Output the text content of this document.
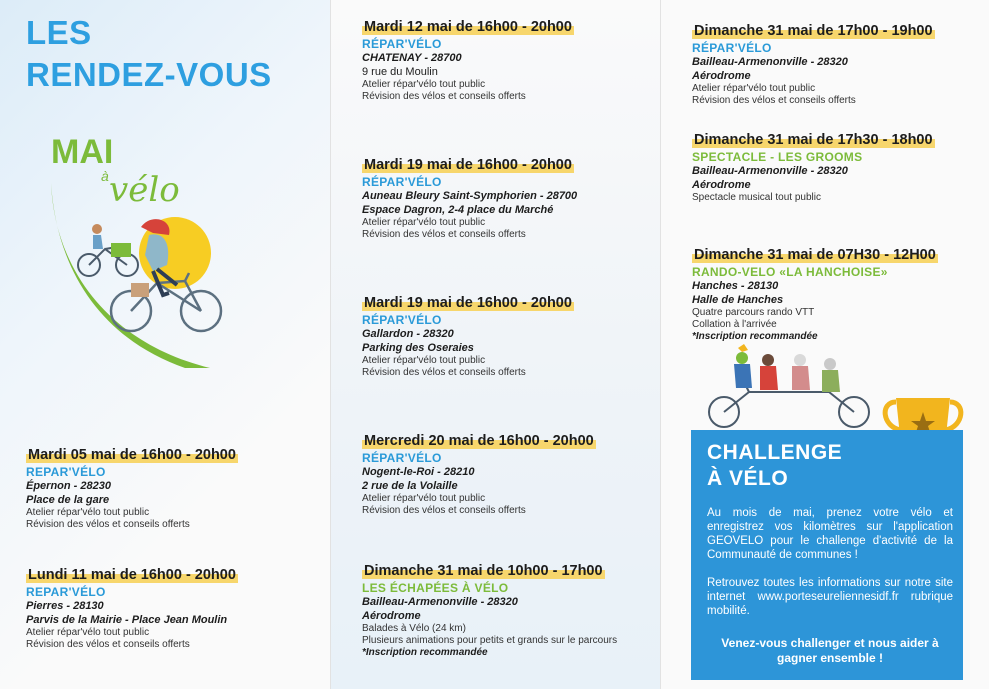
LES
RENDEZ-VOUS
MAI
à vélo
Mardi 12 mai de 16h00 - 20h00
RÉPAR'VÉLO
CHATENAY - 28700
9 rue du Moulin
Atelier répar'vélo tout public
Révision des vélos et conseils offerts
Mardi 19 mai de 16h00 - 20h00
RÉPAR'VÉLO
Auneau Bleury Saint-Symphorien - 28700
Espace Dagron, 2-4 place du Marché
Atelier répar'vélo tout public
Révision des vélos et conseils offerts
Mardi 19 mai de 16h00 - 20h00
RÉPAR'VÉLO
Gallardon - 28320
Parking des Oseraies
Atelier répar'vélo tout public
Révision des vélos et conseils offerts
Mercredi 20 mai de 16h00 - 20h00
RÉPAR'VÉLO
Nogent-le-Roi - 28210
2 rue de la Volaille
Atelier répar'vélo tout public
Révision des vélos et conseils offerts
Dimanche 31 mai de 10h00 - 17h00
LES ÉCHAPÉES À VÉLO
Bailleau-Armenonville - 28320
Aérodrome
Balades à Vélo (24 km)
Plusieurs animations pour petits et grands sur le parcours
*Inscription recommandée
Mardi 05 mai de 16h00 - 20h00
REPAR'VÉLO
Épernon - 28230
Place de la gare
Atelier répar'vélo tout public
Révision des vélos et conseils offerts
Lundi 11 mai de 16h00 - 20h00
REPAR'VÉLO
Pierres - 28130
Parvis de la Mairie - Place Jean Moulin
Atelier répar'vélo tout public
Révision des vélos et conseils offerts
Dimanche 31 mai de 17h00 - 19h00
RÉPAR'VÉLO
Bailleau-Armenonville - 28320
Aérodrome
Atelier répar'vélo tout public
Révision des vélos et conseils offerts
Dimanche 31 mai de 17h30 - 18h00
SPECTACLE - LES GROOMS
Bailleau-Armenonville - 28320
Aérodrome
Spectacle musical tout public
Dimanche 31 mai de 07H30 - 12H00
RANDO-VELO «LA HANCHOISE»
Hanches - 28130
Halle de Hanches
Quatre parcours rando VTT
Collation à l'arrivée
*Inscription recommandée
CHALLENGE
À VÉLO
Au mois de mai, prenez votre vélo et enregistrez vos kilomètres sur l'application GEOVELO pour le challenge d'activité de la Communauté de communes !
Retrouvez toutes les informations sur notre site internet www.porteseureliennesidf.fr rubrique mobilité.
Venez-vous challenger et nous aider à gagner ensemble !
